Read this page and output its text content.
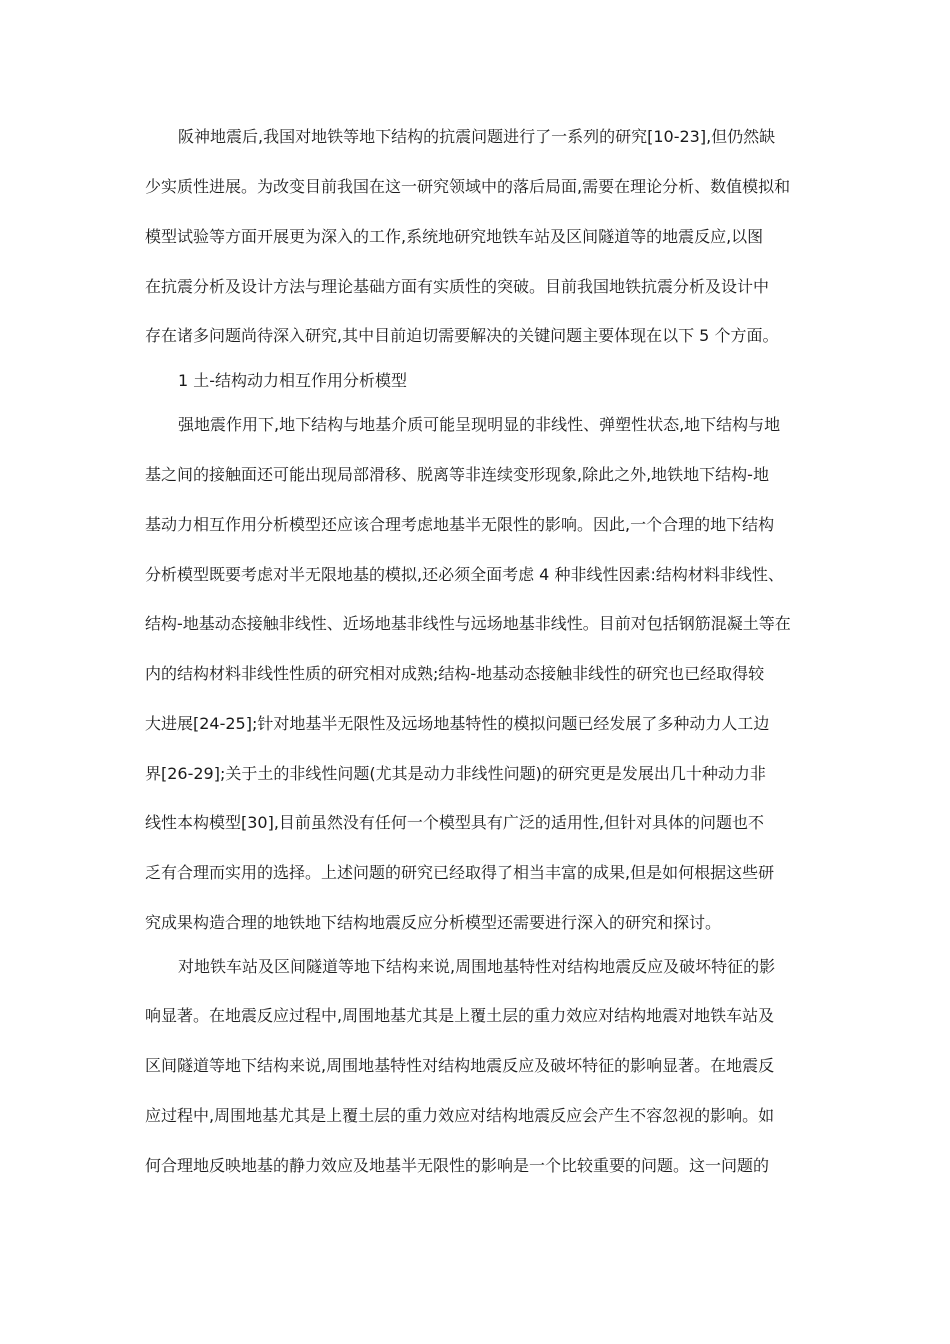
阪神地震后,我国对地铁等地下结构的抗震问题进行了一系列的研究[10-23],但仍然缺
少实质性进展。为改变目前我国在这一研究领域中的落后局面,需要在理论分析、数值模拟和
模型试验等方面开展更为深入的工作,系统地研究地铁车站及区间隧道等的地震反应,以图
在抗震分析及设计方法与理论基础方面有实质性的突破。目前我国地铁抗震分析及设计中
存在诸多问题尚待深入研究,其中目前迫切需要解决的关键问题主要体现在以下 5 个方面。
1 土-结构动力相互作用分析模型
强地震作用下,地下结构与地基介质可能呈现明显的非线性、弹塑性状态,地下结构与地
基之间的接触面还可能出现局部滑移、脱离等非连续变形现象,除此之外,地铁地下结构-地
基动力相互作用分析模型还应该合理考虑地基半无限性的影响。因此,一个合理的地下结构
分析模型既要考虑对半无限地基的模拟,还必须全面考虑 4 种非线性因素:结构材料非线性、
结构-地基动态接触非线性、近场地基非线性与远场地基非线性。目前对包括钢筋混凝土等在
内的结构材料非线性性质的研究相对成熟;结构-地基动态接触非线性的研究也已经取得较
大进展[24-25];针对地基半无限性及远场地基特性的模拟问题已经发展了多种动力人工边
界[26-29];关于土的非线性问题(尤其是动力非线性问题)的研究更是发展出几十种动力非
线性本构模型[30],目前虽然没有任何一个模型具有广泛的适用性,但针对具体的问题也不
乏有合理而实用的选择。上述问题的研究已经取得了相当丰富的成果,但是如何根据这些研
究成果构造合理的地铁地下结构地震反应分析模型还需要进行深入的研究和探讨。
对地铁车站及区间隧道等地下结构来说,周围地基特性对结构地震反应及破坏特征的影
响显著。在地震反应过程中,周围地基尤其是上覆土层的重力效应对结构地震对地铁车站及
区间隧道等地下结构来说,周围地基特性对结构地震反应及破坏特征的影响显著。在地震反
应过程中,周围地基尤其是上覆土层的重力效应对结构地震反应会产生不容忽视的影响。如
何合理地反映地基的静力效应及地基半无限性的影响是一个比较重要的问题。这一问题的
